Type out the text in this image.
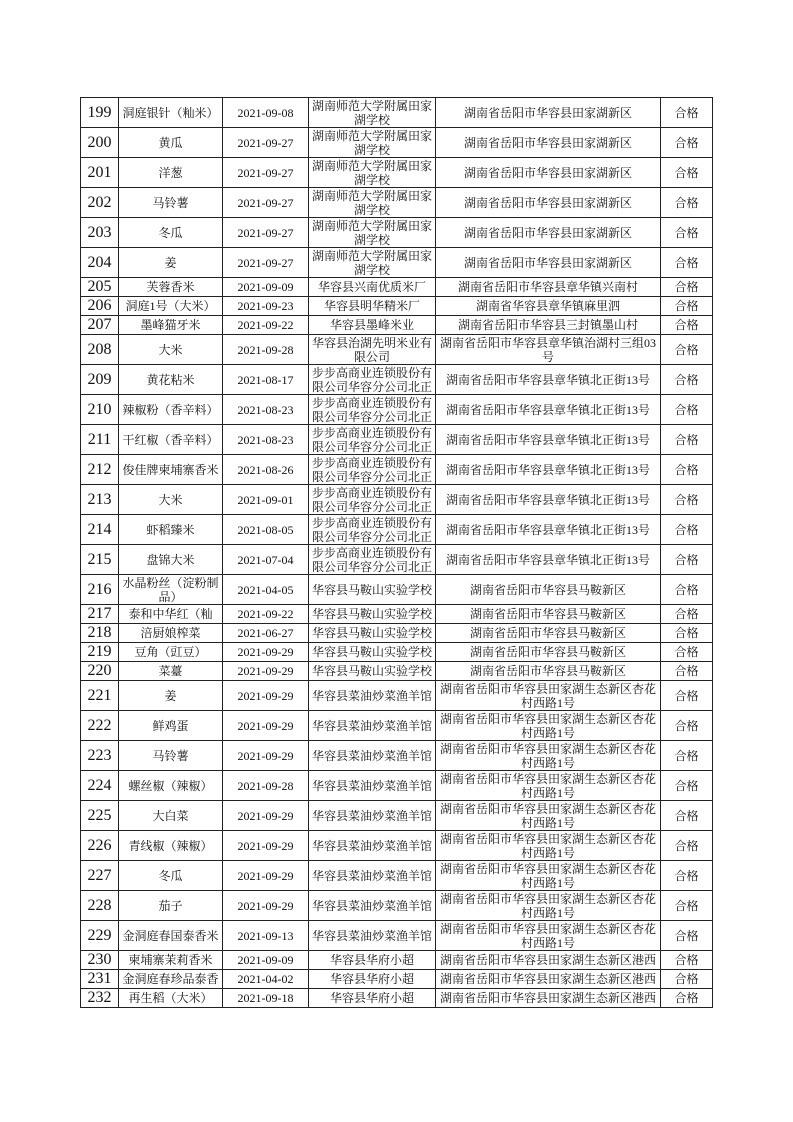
199	洞庭银针（籼米）	2021-09-08	湖南师范大学附属田家湖学校	湖南省岳阳市华容县田家湖新区	合格

200	黄瓜	2021-09-27	湖南师范大学附属田家湖学校	湖南省岳阳市华容县田家湖新区	合格

201	洋葱	2021-09-27	湖南师范大学附属田家湖学校	湖南省岳阳市华容县田家湖新区	合格

202	马铃薯	2021-09-27	湖南师范大学附属田家湖学校	湖南省岳阳市华容县田家湖新区	合格

203	冬瓜	2021-09-27	湖南师范大学附属田家湖学校	湖南省岳阳市华容县田家湖新区	合格

204	姜	2021-09-27	湖南师范大学附属田家湖学校	湖南省岳阳市华容县田家湖新区	合格

205	芙蓉香米	2021-09-09	华容县兴南优质米厂	湖南省岳阳市华容县章华镇兴南村	合格

206	洞庭1号（大米）	2021-09-23	华容县明华精米厂	湖南省华容县章华镇麻里泗	合格

207	墨峰猫牙米	2021-09-22	华容县墨峰米业	湖南省岳阳市华容县三封镇墨山村	合格

208	大米	2021-09-28	华容县治湖先明米业有限公司	湖南省岳阳市华容县章华镇治湖村三组03号	合格

209	黄花粘米	2021-08-17	步步高商业连锁股份有限公司华容分公司北正	湖南省岳阳市华容县章华镇北正街13号	合格

210	辣椒粉（香辛料）	2021-08-23	步步高商业连锁股份有限公司华容分公司北正	湖南省岳阳市华容县章华镇北正街13号	合格

211	干红椒（香辛料）	2021-08-23	步步高商业连锁股份有限公司华容分公司北正	湖南省岳阳市华容县章华镇北正街13号	合格

212	俊佳牌柬埔寨香米	2021-08-26	步步高商业连锁股份有限公司华容分公司北正	湖南省岳阳市华容县章华镇北正街13号	合格

213	大米	2021-09-01	步步高商业连锁股份有限公司华容分公司北正	湖南省岳阳市华容县章华镇北正街13号	合格

214	虾稻臻米	2021-08-05	步步高商业连锁股份有限公司华容分公司北正	湖南省岳阳市华容县章华镇北正街13号	合格

215	盘锦大米	2021-07-04	步步高商业连锁股份有限公司华容分公司北正	湖南省岳阳市华容县章华镇北正街13号	合格

216	水晶粉丝（淀粉制品）	2021-04-05	华容县马鞍山实验学校	湖南省岳阳市华容县马鞍新区	合格

217	泰和中华红（籼	2021-09-22	华容县马鞍山实验学校	湖南省岳阳市华容县马鞍新区	合格

218	涪厨娘榨菜	2021-06-27	华容县马鞍山实验学校	湖南省岳阳市华容县马鞍新区	合格

219	豆角（豇豆）	2021-09-29	华容县马鞍山实验学校	湖南省岳阳市华容县马鞍新区	合格

220	菜薹	2021-09-29	华容县马鞍山实验学校	湖南省岳阳市华容县马鞍新区	合格

221	姜	2021-09-29	华容县菜油炒菜渔羊馆	湖南省岳阳市华容县田家湖生态新区杏花村西路1号	合格

222	鲜鸡蛋	2021-09-29	华容县菜油炒菜渔羊馆	湖南省岳阳市华容县田家湖生态新区杏花村西路1号	合格

223	马铃薯	2021-09-29	华容县菜油炒菜渔羊馆	湖南省岳阳市华容县田家湖生态新区杏花村西路1号	合格

224	螺丝椒（辣椒）	2021-09-28	华容县菜油炒菜渔羊馆	湖南省岳阳市华容县田家湖生态新区杏花村西路1号	合格

225	大白菜	2021-09-29	华容县菜油炒菜渔羊馆	湖南省岳阳市华容县田家湖生态新区杏花村西路1号	合格

226	青线椒（辣椒）	2021-09-29	华容县菜油炒菜渔羊馆	湖南省岳阳市华容县田家湖生态新区杏花村西路1号	合格

227	冬瓜	2021-09-29	华容县菜油炒菜渔羊馆	湖南省岳阳市华容县田家湖生态新区杏花村西路1号	合格

228	茄子	2021-09-29	华容县菜油炒菜渔羊馆	湖南省岳阳市华容县田家湖生态新区杏花村西路1号	合格

229	金洞庭春国泰香米	2021-09-13	华容县菜油炒菜渔羊馆	湖南省岳阳市华容县田家湖生态新区杏花村西路1号	合格

230	柬埔寨茉莉香米	2021-09-09	华容县华府小超	湖南省岳阳市华容县田家湖生态新区港西	合格

231	金洞庭春珍品泰香	2021-04-02	华容县华府小超	湖南省岳阳市华容县田家湖生态新区港西	合格

232	再生稻（大米）	2021-09-18	华容县华府小超	湖南省岳阳市华容县田家湖生态新区港西	合格
